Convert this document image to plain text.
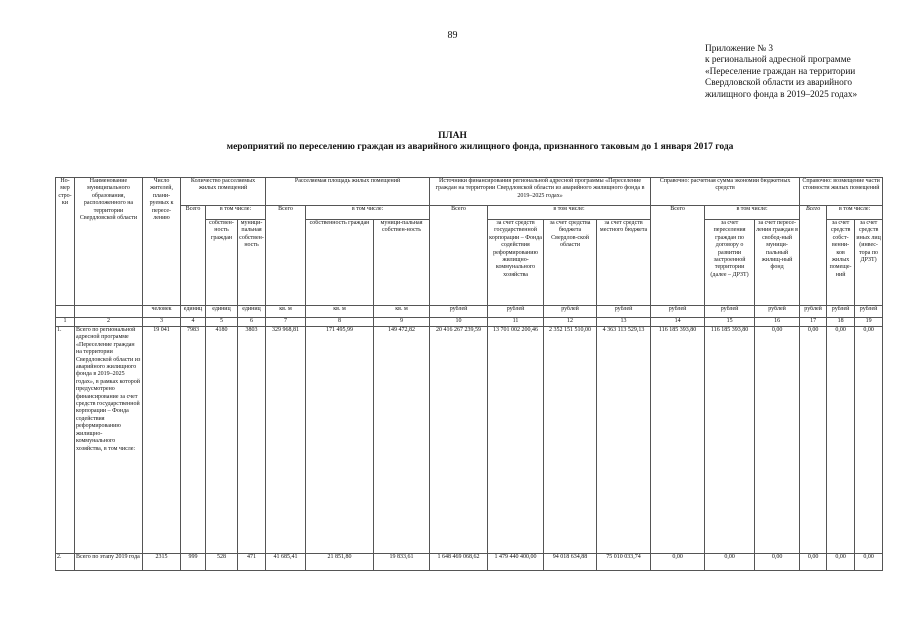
89
Приложение № 3
к региональной адресной программе
«Переселение граждан на территории
Свердловской области из аварийного
жилищного фонда в 2019–2025 годах»
ПЛАН
мероприятий по переселению граждан из аварийного жилищного фонда, признанного таковым до 1 января 2017 года
Но-мер стро-ки	Наименование муниципального образования, расположенного на территории Свердловской области	Число жителей, плани-руемых к пересе-лению	Количество расселяемых жилых помещений			Расселяемая площадь жилых помещений			Источники финансирования региональной адресной программы «Переселение граждан на территории Свердловской области из аварийного жилищного фонда в 2019–2025 годах»				Справочно: расчетная сумма экономии бюджетных средств			Справочно: возмещение части стоимости жилых помещений		
			Всего	в том числе:		Всего	в том числе:		Всего	в том числе:			Всего	в том числе:		Всего	в том числе:	
				собствен-ность граждан	муници-пальная собствен-ность		собственность граждан	муници-пальная собствен-ность		за счет средств государственной корпорации – Фонда содействия реформированию жилищно-коммунального хозяйства	за счет средства бюджета Свердлов-ской области	за счет средств местного бюджета		за счет переселения граждан по договору о развитии застроенной территории (далее – ДРЗТ)	за счет пересе-ления граждан в свобод-ный муници-пальный жилищ-ный фонд		за счет средств собст-венни-ков жилых помеще-ний	за счет средств иных лиц (инвес-тора по ДРЗТ)
		человек	единиц	единиц	единиц	кв. м	кв. м	кв. м	рублей	рублей	рублей	рублей	рублей	рублей	рублей	рублей	рублей	рублей
1	2	3	4	5	6	7	8	9	10	11	12	13	14	15	16	17	18	19
1.	Всего по региональной адресной программе «Переселение граждан на территории Свердловской области из аварийного жилищного фонда в 2019–2025 годах», в рамках которой предусмотрено финансирование за счет средств государственной корпорации – Фонда содействия реформированию жилищно-коммунального хозяйства, в том числе:	19 041	7983	4180	3803	329 968,81	171 495,99	149 472,82	20 416 267 239,59	13 701 002 200,46	2 352 151 510,00	4 363 113 529,13	116 185 393,80	116 185 393,80	0,00	0,00	0,00	0,00
2.	Всего по этапу 2019 года	2315	999	528	471	41 685,41	21 851,80	19 833,61	1 648 469 068,62	1 479 440 400,00	94 018 634,88	75 010 033,74	0,00	0,00	0,00	0,00	0,00	0,00
